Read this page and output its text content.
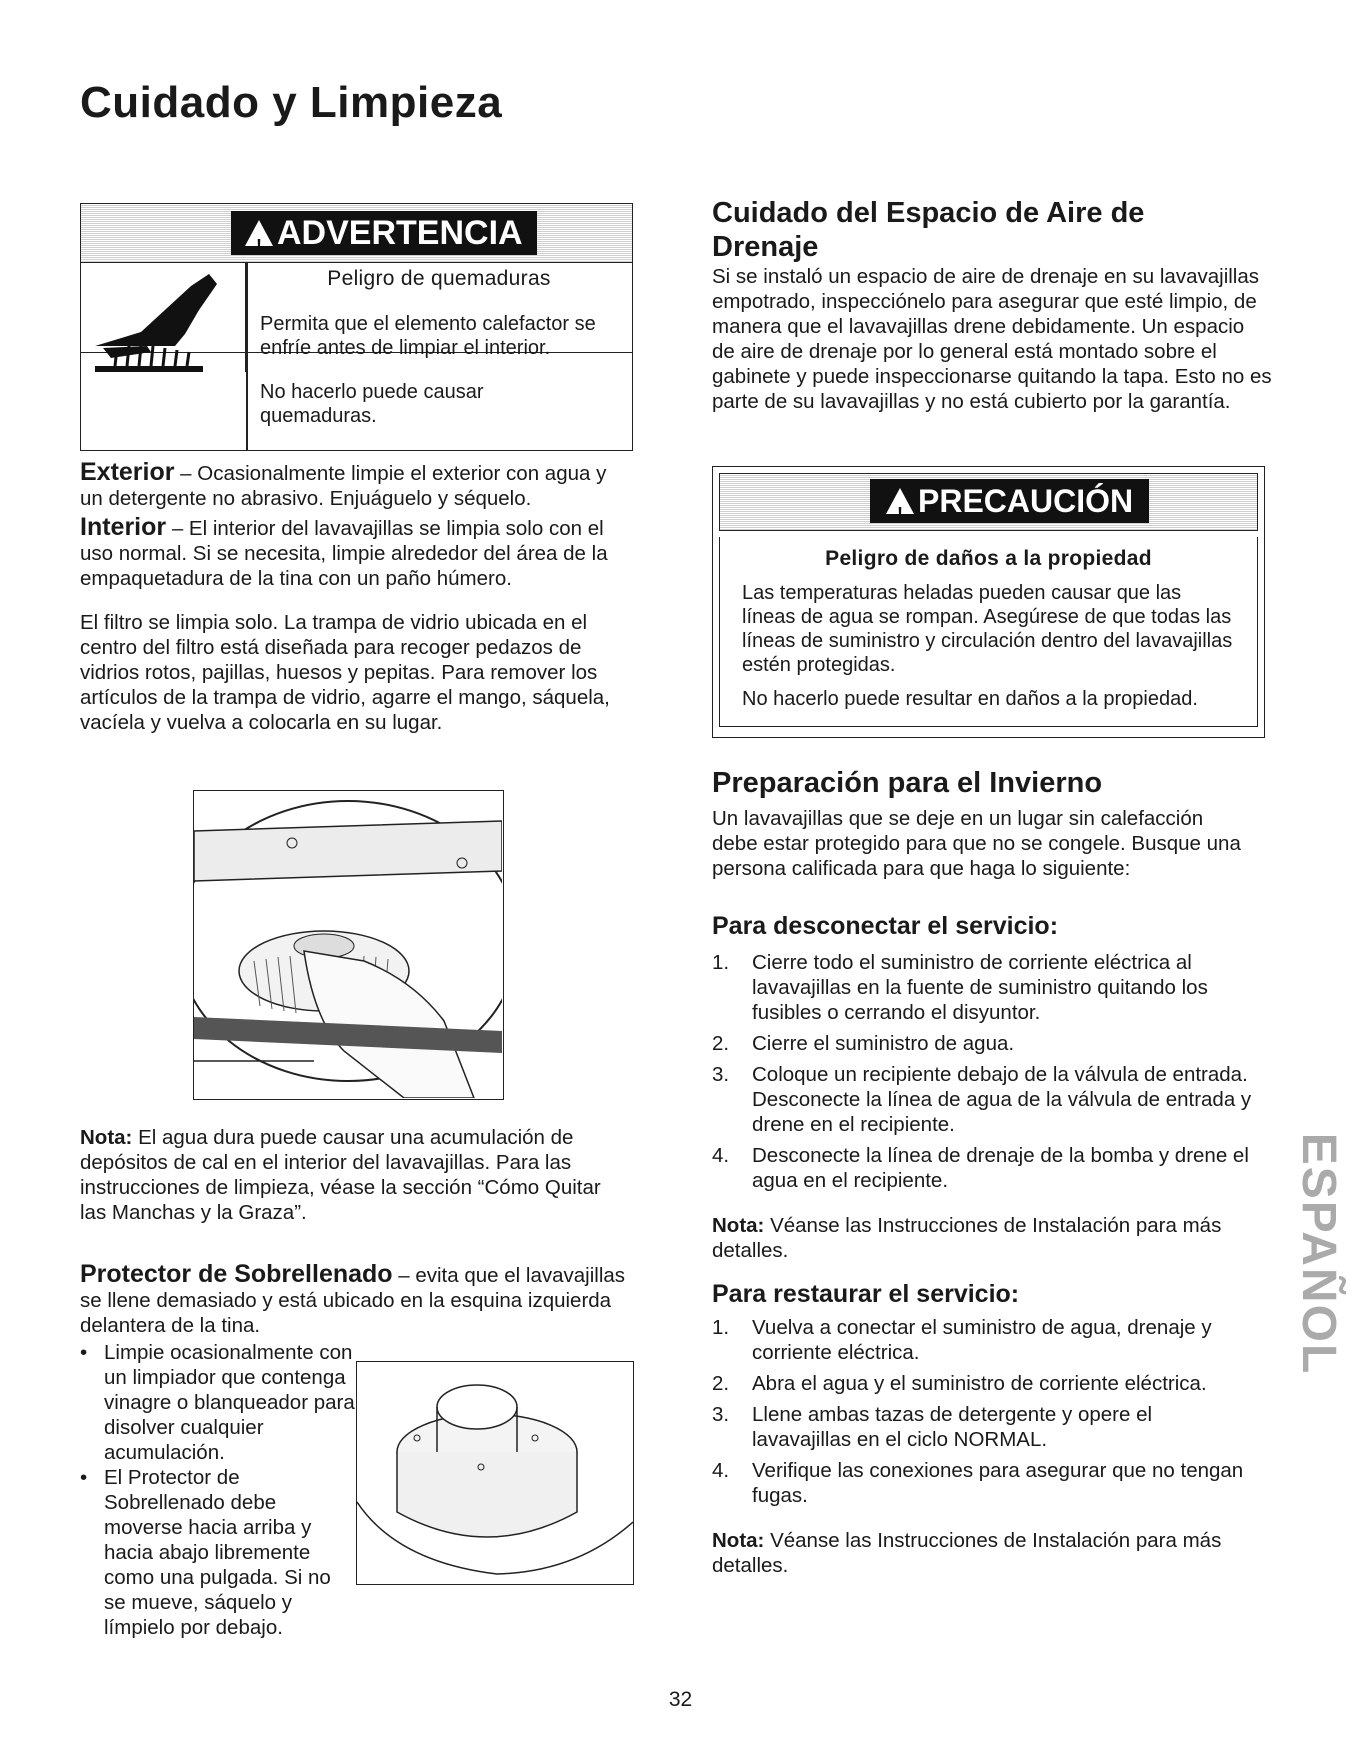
Cuidado y Limpieza
! ADVERTENCIA
Peligro de quemaduras
Permita que el elemento calefactor se enfríe antes de limpiar el interior.
No hacerlo puede causar quemaduras.
Exterior – Ocasionalmente limpie el exterior con agua y un detergente no abrasivo. Enjuáguelo y séquelo.
Interior – El interior del lavavajillas se limpia solo con el uso normal. Si se necesita, limpie alrededor del área de la empaquetadura de la tina con un paño húmero.
El filtro se limpia solo. La trampa de vidrio ubicada en el centro del filtro está diseñada para recoger pedazos de vidrios rotos, pajillas, huesos y pepitas. Para remover los artículos de la trampa de vidrio, agarre el mango, sáquela, vacíela y vuelva a colocarla en su lugar.
Nota: El agua dura puede causar una acumulación de depósitos de cal en el interior del lavavajillas. Para las instrucciones de limpieza, véase la sección “Cómo Quitar las Manchas y la Graza”.
Protector de Sobrellenado – evita que el lavavajillas se llene demasiado y está ubicado en la esquina izquierda delantera de la tina.
• Limpie ocasionalmente con un limpiador que contenga vinagre o blanqueador para disolver cualquier acumulación.
• El Protector de Sobrellenado debe moverse hacia arriba y hacia abajo libremente como una pulgada. Si no se mueve, sáquelo y límpielo por debajo.
Cuidado del Espacio de Aire de Drenaje
Si se instaló un espacio de aire de drenaje en su lavavajillas empotrado, inspecciónelo para asegurar que esté limpio, de manera que el lavavajillas drene debidamente. Un espacio de aire de drenaje por lo general está montado sobre el gabinete y puede inspeccionarse quitando la tapa. Esto no es parte de su lavavajillas y no está cubierto por la garantía.
! PRECAUCIÓN
Peligro de daños a la propiedad

Las temperaturas heladas pueden causar que las líneas de agua se rompan. Asegúrese de que todas las líneas de suministro y circulación dentro del lavavajillas estén protegidas.

No hacerlo puede resultar en daños a la propiedad.

Preparación para el Invierno
Un lavavajillas que se deje en un lugar sin calefacción debe estar protegido para que no se congele. Busque una persona calificada para que haga lo siguiente:
Para desconectar el servicio:
1.	Cierre todo el suministro de corriente eléctrica al lavavajillas en la fuente de suministro quitando los fusibles o cerrando el disyuntor.
2.	Cierre el suministro de agua.
3.	Coloque un recipiente debajo de la válvula de entrada. Desconecte la línea de agua de la válvula de entrada y drene en el recipiente.
4.	Desconecte la línea de drenaje de la bomba y drene el agua en el recipiente.
Nota: Véanse las Instrucciones de Instalación para más detalles.
Para restaurar el servicio:
1.	Vuelva a conectar el suministro de agua, drenaje y corriente eléctrica.
2.	Abra el agua y el suministro de corriente eléctrica.
3.	Llene ambas tazas de detergente y opere el lavavajillas en el ciclo NORMAL.
4.	Verifique las conexiones para asegurar que no tengan fugas.
Nota: Véanse las Instrucciones de Instalación para más detalles.
ESPAÑOL
32
